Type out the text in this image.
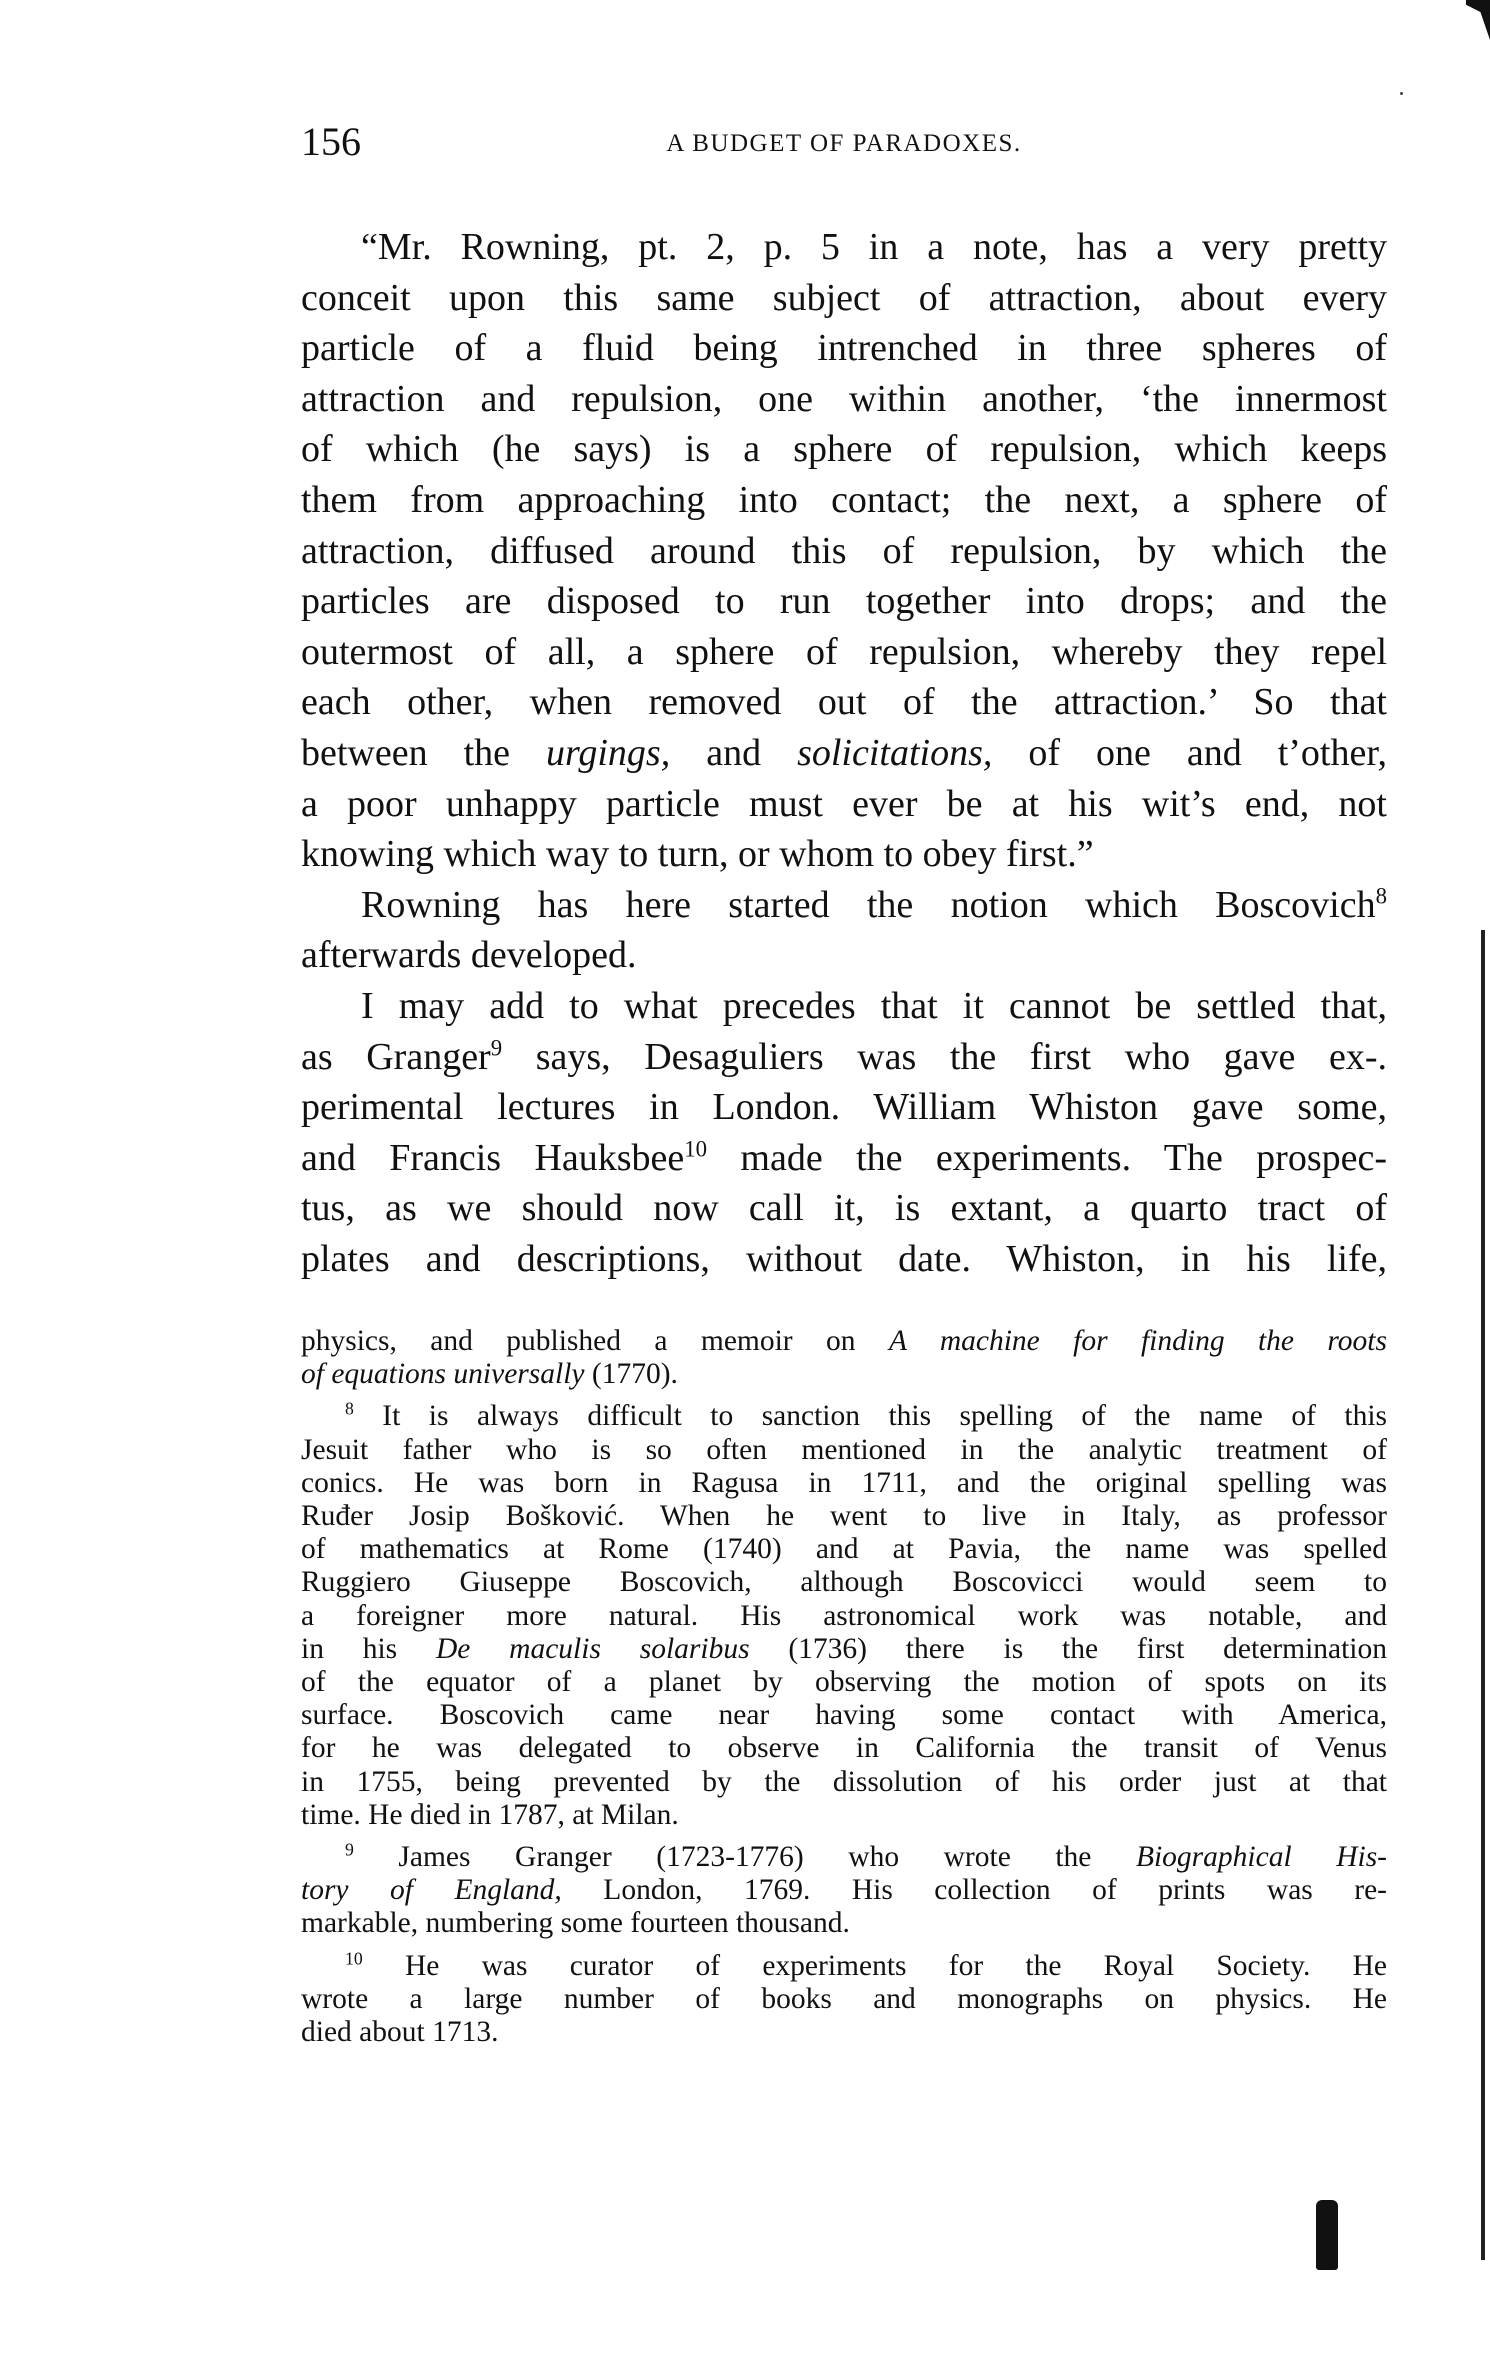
156	A BUDGET OF PARADOXES.
“Mr. Rowning, pt. 2, p. 5 in a note, has a very pretty
conceit upon this same subject of attraction, about every
particle of a fluid being intrenched in three spheres of
attraction and repulsion, one within another, ‘the innermost
of which (he says) is a sphere of repulsion, which keeps
them from approaching into contact; the next, a sphere of
attraction, diffused around this of repulsion, by which the
particles are disposed to run together into drops; and the
outermost of all, a sphere of repulsion, whereby they repel
each other, when removed out of the attraction.’ So that
between the urgings, and solicitations, of one and t’other,
a poor unhappy particle must ever be at his wit’s end, not
knowing which way to turn, or whom to obey first.”
Rowning has here started the notion which Boscovich$^8$
afterwards developed.
I may add to what precedes that it cannot be settled that,
as Granger$^9$ says, Desaguliers was the first who gave ex-.
perimental lectures in London. William Whiston gave some,
and Francis Hauksbee$^{10}$ made the experiments. The prospec-
tus, as we should now call it, is extant, a quarto tract of
plates and descriptions, without date. Whiston, in his life,
physics, and published a memoir on A machine for finding the roots
of equations universally (1770).
$^8$ It is always difficult to sanction this spelling of the name of this
Jesuit father who is so often mentioned in the analytic treatment of
conics. He was born in Ragusa in 1711, and the original spelling was
Ruđer Josip Bošković. When he went to live in Italy, as professor
of mathematics at Rome (1740) and at Pavia, the name was spelled
Ruggiero Giuseppe Boscovich, although Boscovicci would seem to
a foreigner more natural. His astronomical work was notable, and
in his De maculis solaribus (1736) there is the first determination
of the equator of a planet by observing the motion of spots on its
surface. Boscovich came near having some contact with America,
for he was delegated to observe in California the transit of Venus
in 1755, being prevented by the dissolution of his order just at that
time. He died in 1787, at Milan.
$^9$ James Granger (1723-1776) who wrote the Biographical His-
tory of England, London, 1769. His collection of prints was re-
markable, numbering some fourteen thousand.
$^{10}$ He was curator of experiments for the Royal Society. He
wrote a large number of books and monographs on physics. He
died about 1713.
